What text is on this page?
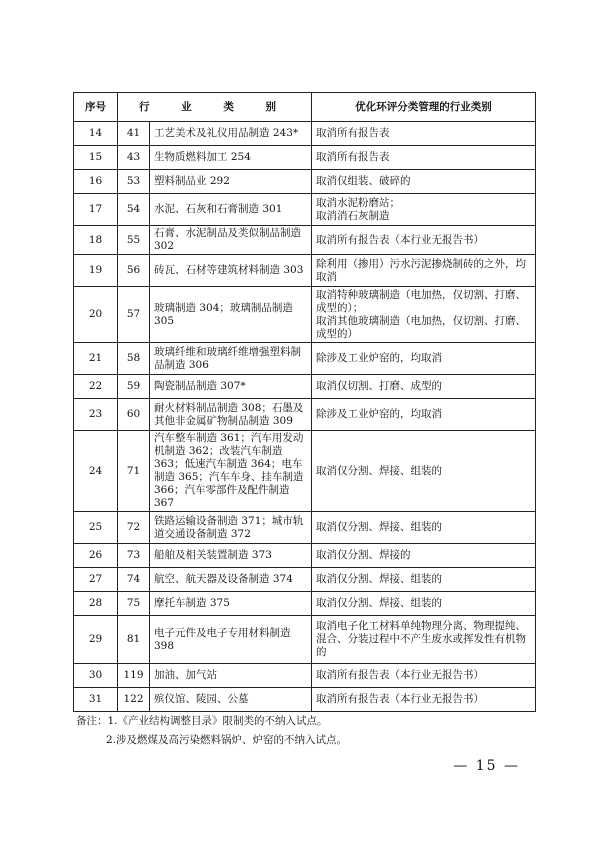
序号	行 业 类 别		优化环评分类管理的行业类别
14	41	工艺美术及礼仪用品制造 243*	取消所有报告表
15	43	生物质燃料加工 254	取消所有报告表
16	53	塑料制品业 292	取消仅组装、破碎的
17	54	水泥、石灰和石膏制造 301	取消水泥粉磨站；
取消消石灰制造
18	55	石膏、水泥制品及类似制品制造 302	取消所有报告表（本行业无报告书）
19	56	砖瓦、石材等建筑材料制造 303	除利用（掺用）污水污泥掺烧制砖的之外，均取消
20	57	玻璃制造 304；玻璃制品制造 305	取消特种玻璃制造（电加热，仅切割、打磨、成型的）；
取消其他玻璃制造（电加热，仅切割、打磨、成型的）
21	58	玻璃纤维和玻璃纤维增强塑料制品制造 306	除涉及工业炉窑的，均取消
22	59	陶瓷制品制造 307*	取消仅切割、打磨、成型的
23	60	耐火材料制品制造 308；石墨及其他非金属矿物制品制造 309	除涉及工业炉窑的，均取消
24	71	汽车整车制造 361；汽车用发动机制造 362；改装汽车制造 363；低速汽车制造 364；电车制造 365；汽车车身、挂车制造 366；汽车零部件及配件制造 367	取消仅分割、焊接、组装的
25	72	铁路运输设备制造 371；城市轨道交通设备制造 372	取消仅分割、焊接、组装的
26	73	船舶及相关装置制造 373	取消仅分割、焊接的
27	74	航空、航天器及设备制造 374	取消仅分割、焊接、组装的
28	75	摩托车制造 375	取消仅分割、焊接、组装的
29	81	电子元件及电子专用材料制造 398	取消电子化工材料单纯物理分离、物理提纯、混合、分装过程中不产生废水或挥发性有机物的
30	119	加油、加气站	取消所有报告表（本行业无报告书）
31	122	殡仪馆、陵园、公墓	取消所有报告表（本行业无报告书）
备注：1.《产业结构调整目录》限制类的不纳入试点。
2.涉及燃煤及高污染燃料锅炉、炉窑的不纳入试点。
— 15 —
